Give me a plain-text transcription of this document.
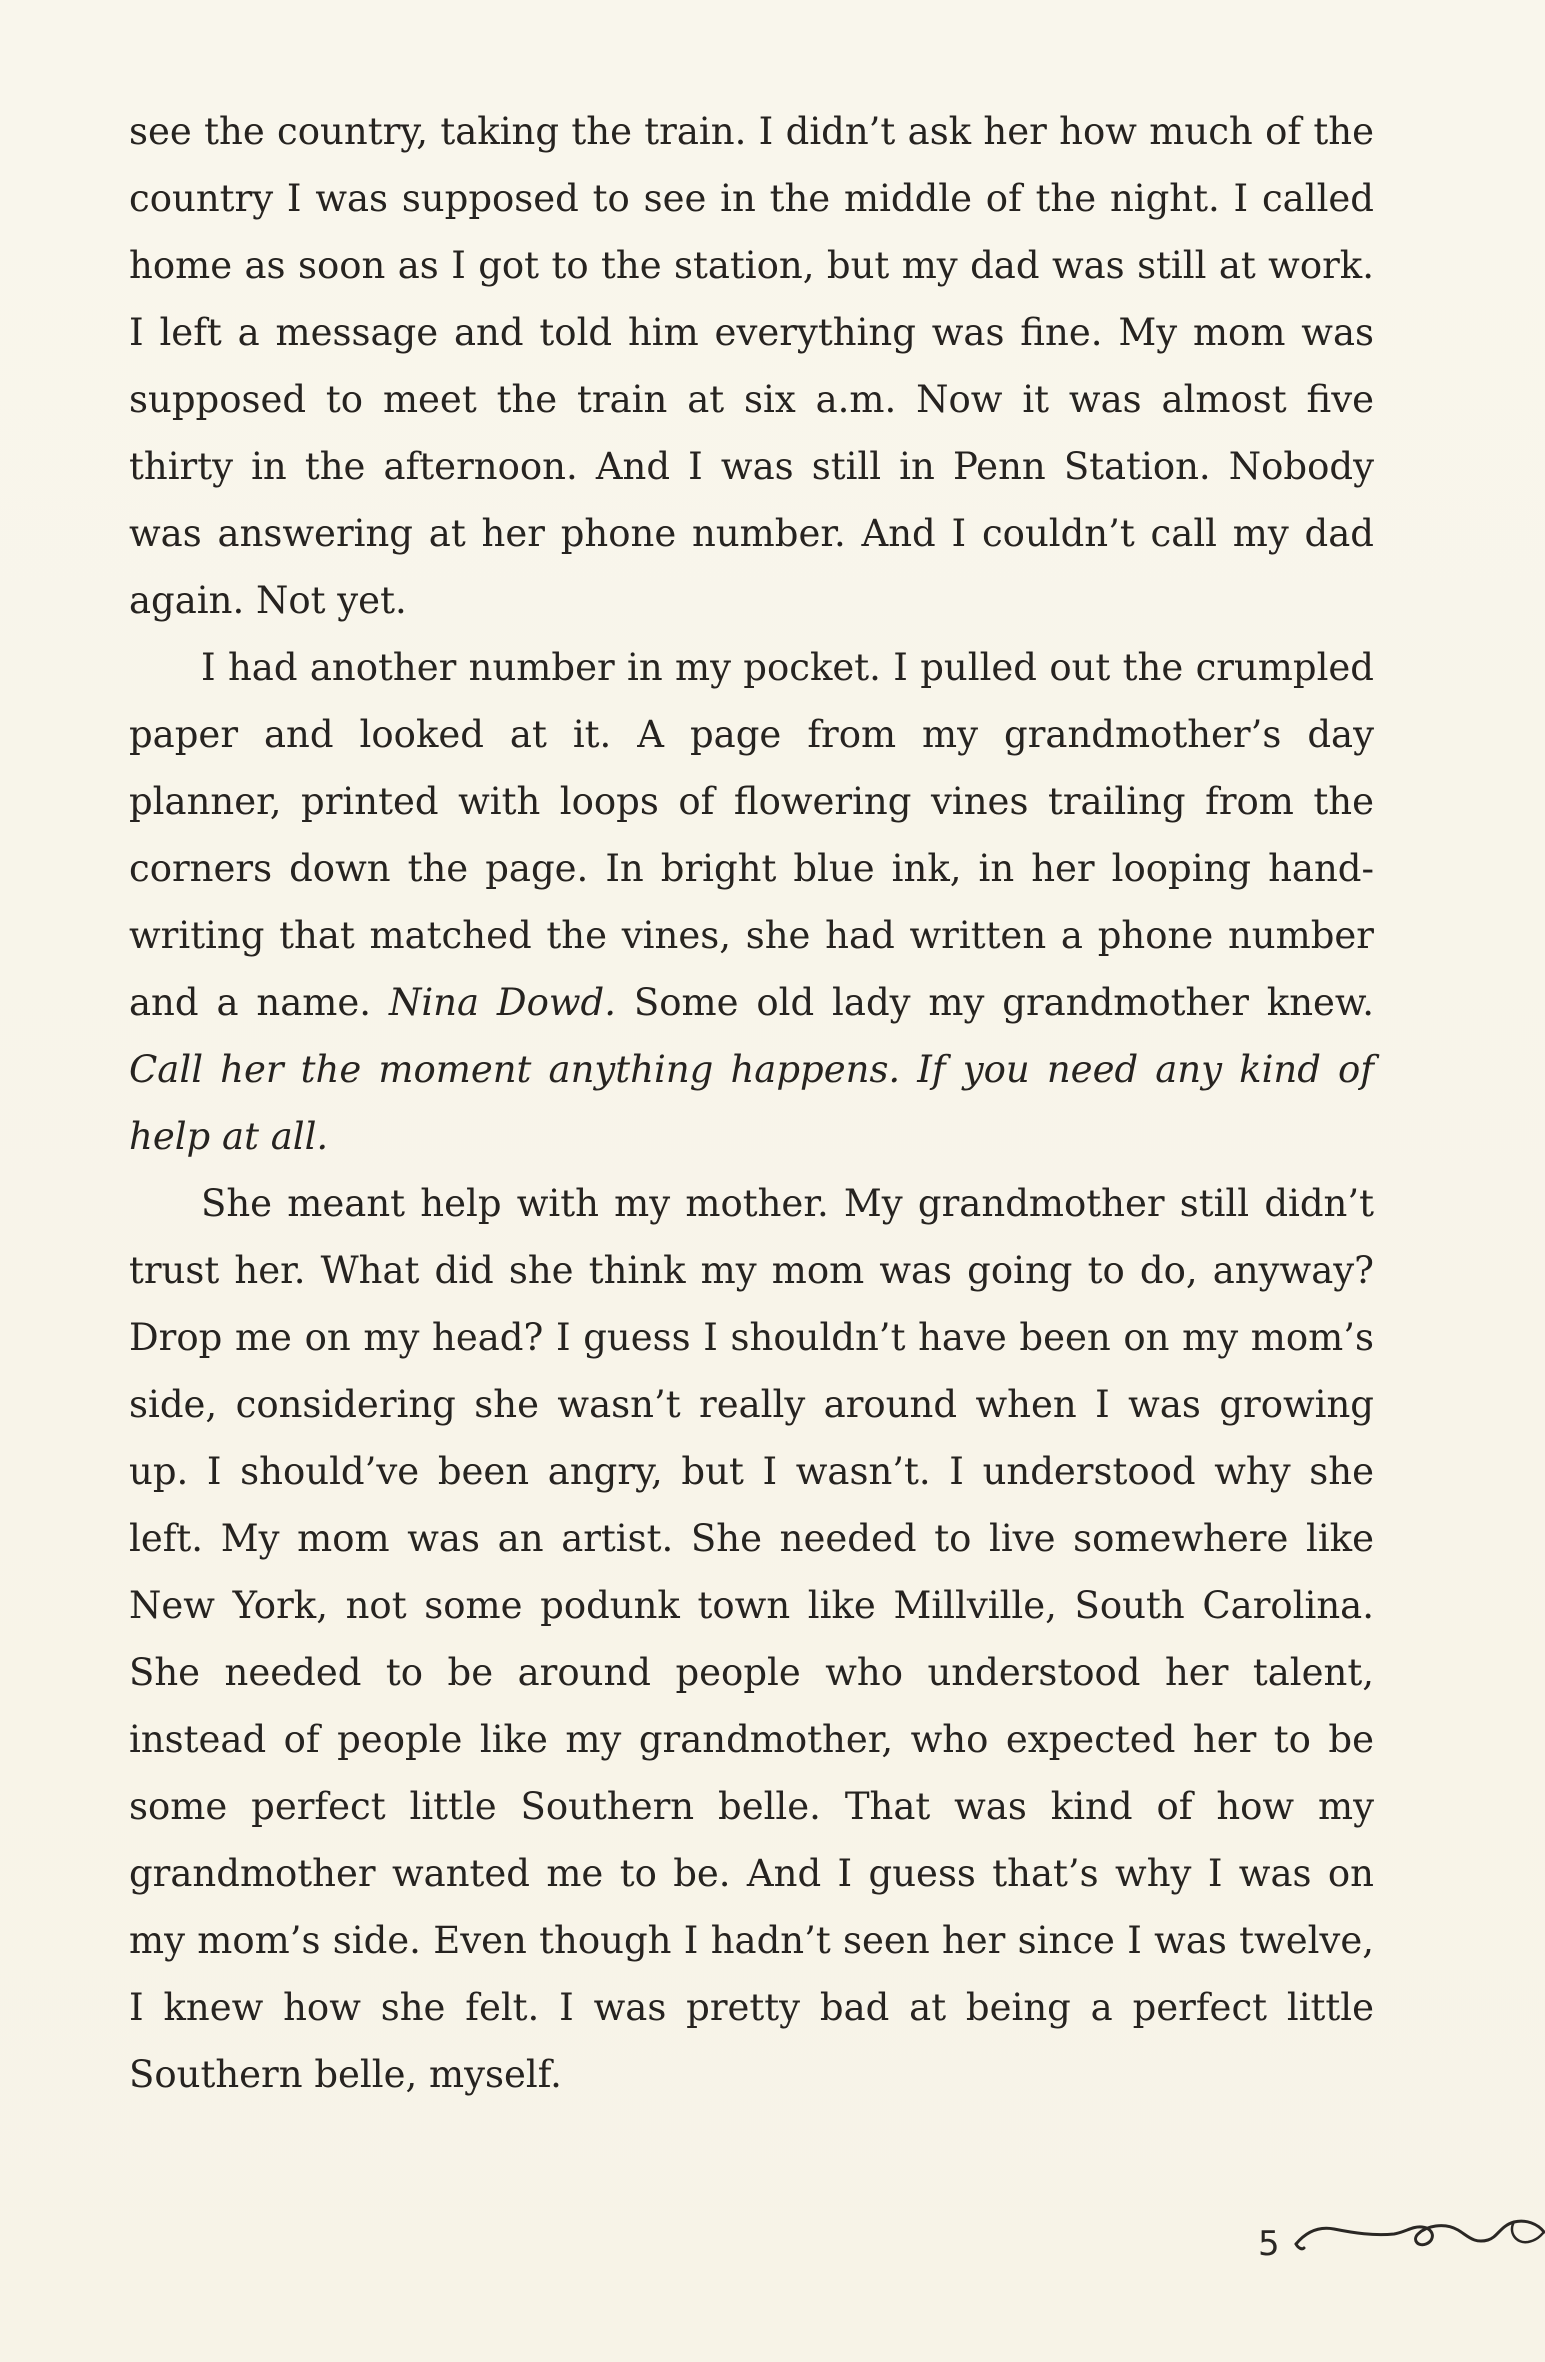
see the country, taking the train. I didn’t ask her how much of the country I was supposed to see in the middle of the night. I called home as soon as I got to the station, but my dad was still at work. I left a message and told him everything was fine. My mom was supposed to meet the train at six a.m. Now it was almost five thirty in the afternoon. And I was still in Penn Station. Nobody was answering at her phone number. And I couldn’t call my dad again. Not yet.

I had another number in my pocket. I pulled out the crumpled paper and looked at it. A page from my grandmother’s day planner, printed with loops of flowering vines trailing from the corners down the page. In bright blue ink, in her looping handwriting that matched the vines, she had written a phone number and a name. Nina Dowd. Some old lady my grandmother knew. Call her the moment anything happens. If you need any kind of help at all.

She meant help with my mother. My grandmother still didn’t trust her. What did she think my mom was going to do, anyway? Drop me on my head? I guess I shouldn’t have been on my mom’s side, considering she wasn’t really around when I was growing up. I should’ve been angry, but I wasn’t. I understood why she left. My mom was an artist. She needed to live somewhere like New York, not some podunk town like Millville, South Carolina. She needed to be around people who understood her talent, instead of people like my grandmother, who expected her to be some perfect little Southern belle. That was kind of how my grandmother wanted me to be. And I guess that’s why I was on my mom’s side. Even though I hadn’t seen her since I was twelve, I knew how she felt. I was pretty bad at being a perfect little Southern belle, myself.

5
